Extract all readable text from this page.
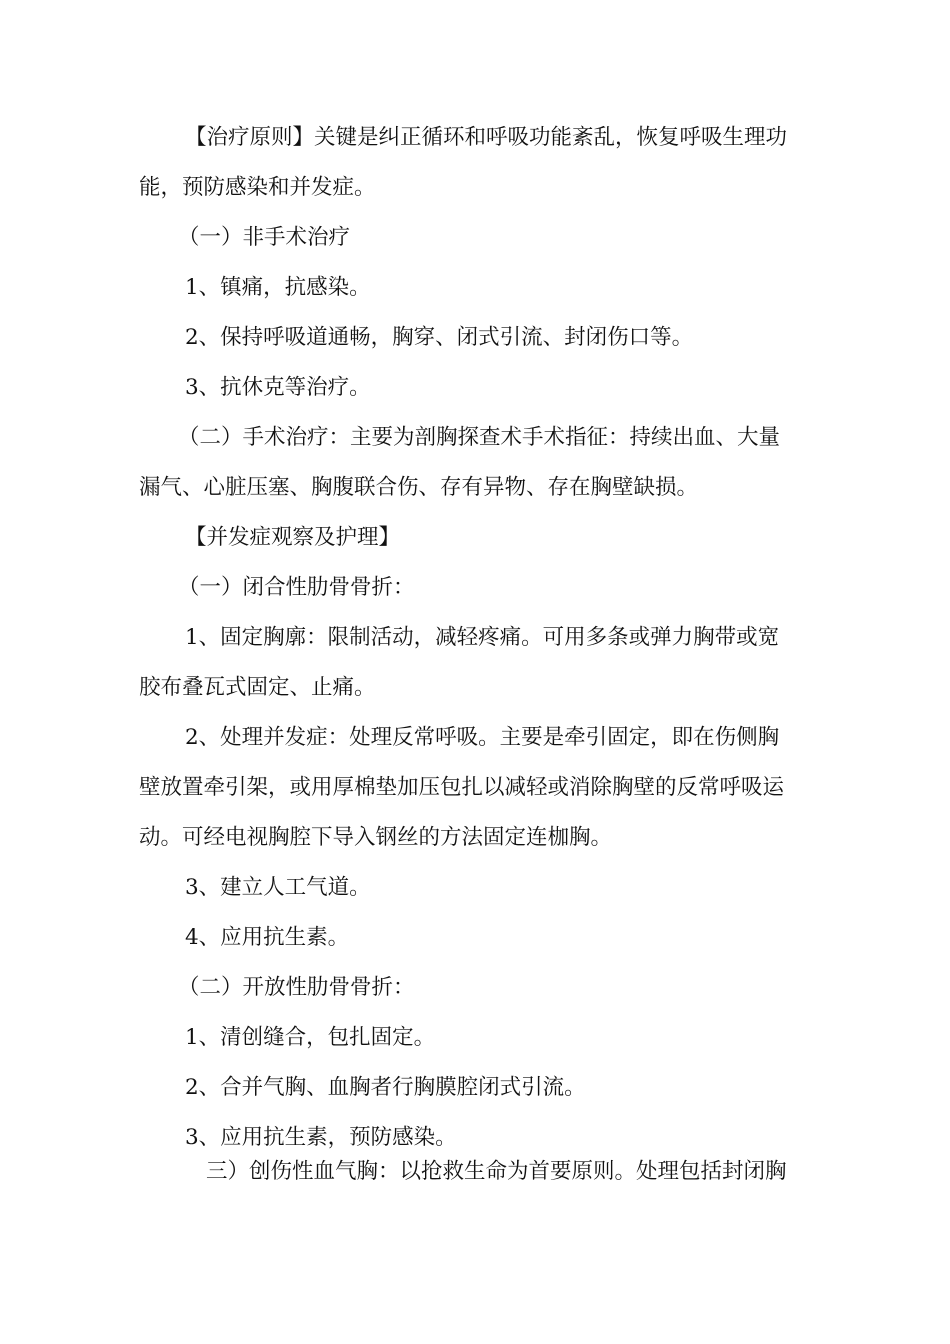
【治疗原则】关键是纠正循环和呼吸功能紊乱，恢复呼吸生理功
能，预防感染和并发症。
（一）非手术治疗
1、镇痛，抗感染。
2、保持呼吸道通畅，胸穿、闭式引流、封闭伤口等。
3、抗休克等治疗。
（二）手术治疗：主要为剖胸探查术手术指征：持续出血、大量
漏气、心脏压塞、胸腹联合伤、存有异物、存在胸壁缺损。
【并发症观察及护理】
（一）闭合性肋骨骨折：
1、固定胸廓：限制活动，减轻疼痛。可用多条或弹力胸带或宽
胶布叠瓦式固定、止痛。
2、处理并发症：处理反常呼吸。主要是牵引固定，即在伤侧胸
壁放置牵引架，或用厚棉垫加压包扎以减轻或消除胸壁的反常呼吸运
动。可经电视胸腔下导入钢丝的方法固定连枷胸。
3、建立人工气道。
4、应用抗生素。
（二）开放性肋骨骨折：
1、清创缝合，包扎固定。
2、合并气胸、血胸者行胸膜腔闭式引流。
3、应用抗生素，预防感染。
三）创伤性血气胸：以抢救生命为首要原则。处理包括封闭胸
